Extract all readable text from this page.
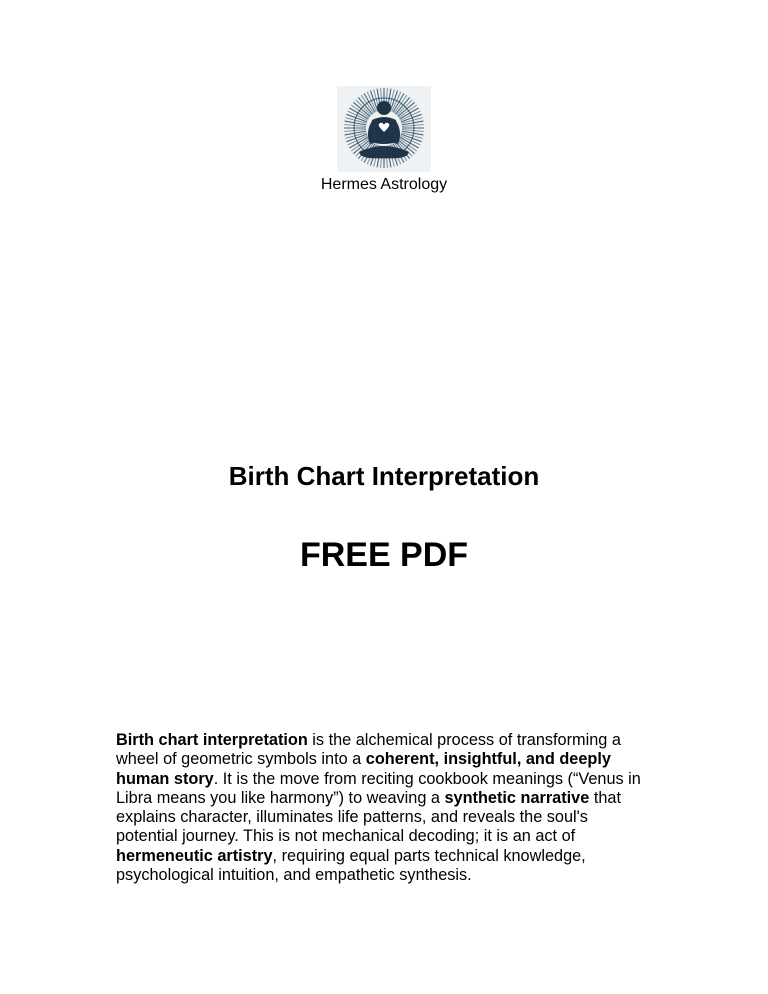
Hermes Astrology
Birth Chart Interpretation
FREE PDF

Birth chart interpretation is the alchemical process of transforming a wheel of geometric symbols into a coherent, insightful, and deeply human story. It is the move from reciting cookbook meanings (“Venus in Libra means you like harmony”) to weaving a synthetic narrative that explains character, illuminates life patterns, and reveals the soul's potential journey. This is not mechanical decoding; it is an act of hermeneutic artistry, requiring equal parts technical knowledge, psychological intuition, and empathetic synthesis.
